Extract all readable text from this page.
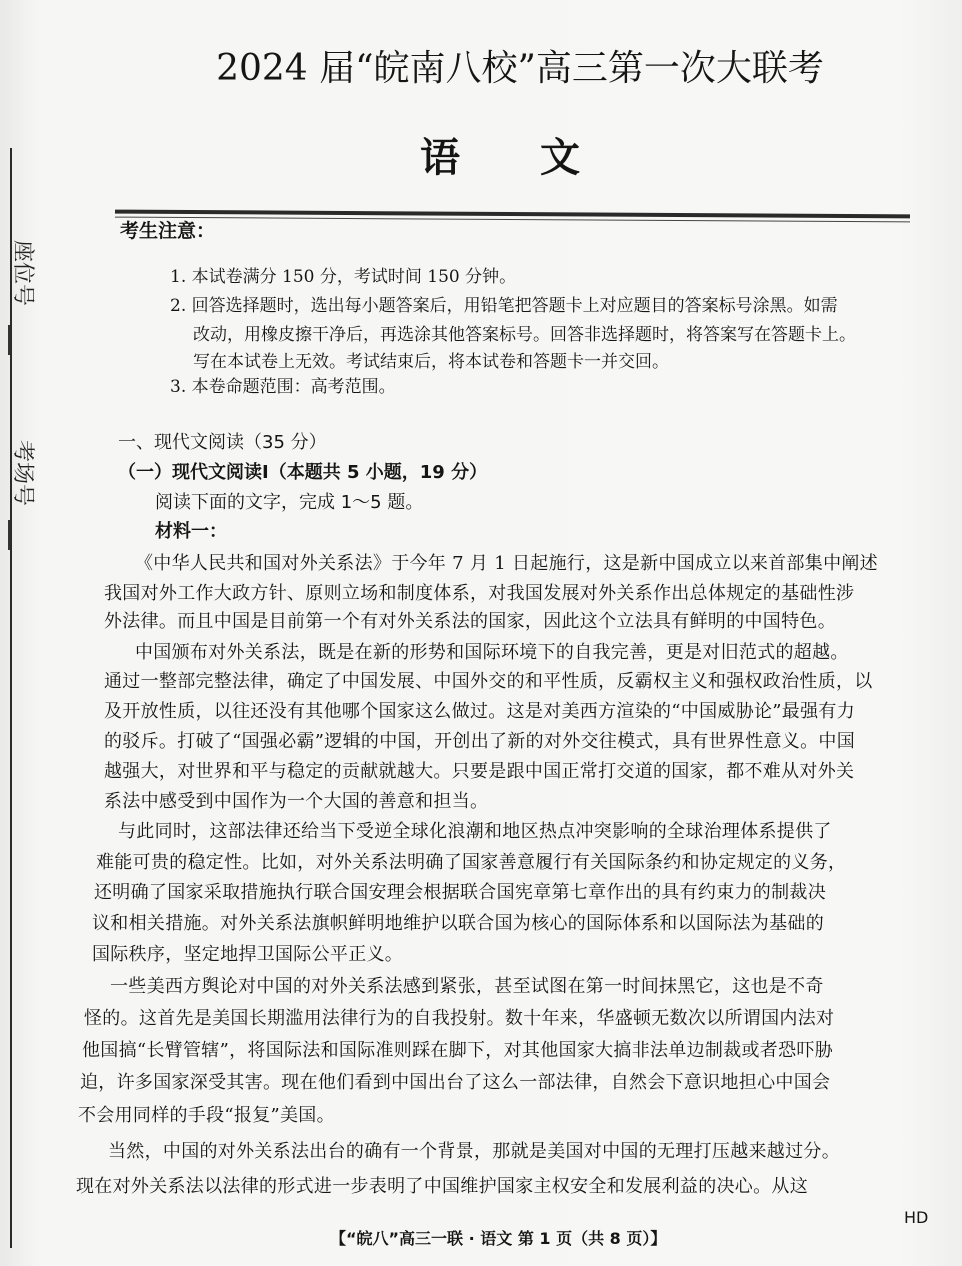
座位号
考场号
2024 届“皖南八校”高三第一次大联考
语文
考生注意：
1. 本试卷满分 150 分，考试时间 150 分钟。
2. 回答选择题时，选出每小题答案后，用铅笔把答题卡上对应题目的答案标号涂黑。如需
改动，用橡皮擦干净后，再选涂其他答案标号。回答非选择题时，将答案写在答题卡上。
写在本试卷上无效。考试结束后，将本试卷和答题卡一并交回。
3. 本卷命题范围：高考范围。
一、现代文阅读（35 分）
（一）现代文阅读Ⅰ（本题共 5 小题，19 分）
阅读下面的文字，完成 1～5 题。
材料一：
《中华人民共和国对外关系法》于今年 7 月 1 日起施行，这是新中国成立以来首部集中阐述
我国对外工作大政方针、原则立场和制度体系，对我国发展对外关系作出总体规定的基础性涉
外法律。而且中国是目前第一个有对外关系法的国家，因此这个立法具有鲜明的中国特色。
中国颁布对外关系法，既是在新的形势和国际环境下的自我完善，更是对旧范式的超越。
通过一整部完整法律，确定了中国发展、中国外交的和平性质，反霸权主义和强权政治性质，以
及开放性质，以往还没有其他哪个国家这么做过。这是对美西方渲染的“中国威胁论”最强有力
的驳斥。打破了“国强必霸”逻辑的中国，开创出了新的对外交往模式，具有世界性意义。中国
越强大，对世界和平与稳定的贡献就越大。只要是跟中国正常打交道的国家，都不难从对外关
系法中感受到中国作为一个大国的善意和担当。
与此同时，这部法律还给当下受逆全球化浪潮和地区热点冲突影响的全球治理体系提供了
难能可贵的稳定性。比如，对外关系法明确了国家善意履行有关国际条约和协定规定的义务，
还明确了国家采取措施执行联合国安理会根据联合国宪章第七章作出的具有约束力的制裁决
议和相关措施。对外关系法旗帜鲜明地维护以联合国为核心的国际体系和以国际法为基础的
国际秩序，坚定地捍卫国际公平正义。
一些美西方舆论对中国的对外关系法感到紧张，甚至试图在第一时间抹黑它，这也是不奇
怪的。这首先是美国长期滥用法律行为的自我投射。数十年来，华盛顿无数次以所谓国内法对
他国搞“长臂管辖”，将国际法和国际准则踩在脚下，对其他国家大搞非法单边制裁或者恐吓胁
迫，许多国家深受其害。现在他们看到中国出台了这么一部法律，自然会下意识地担心中国会
不会用同样的手段“报复”美国。
当然，中国的对外关系法出台的确有一个背景，那就是美国对中国的无理打压越来越过分。
现在对外关系法以法律的形式进一步表明了中国维护国家主权安全和发展利益的决心。从这
HD
【“皖八”高三一联 · 语文 第 1 页（共 8 页）】
